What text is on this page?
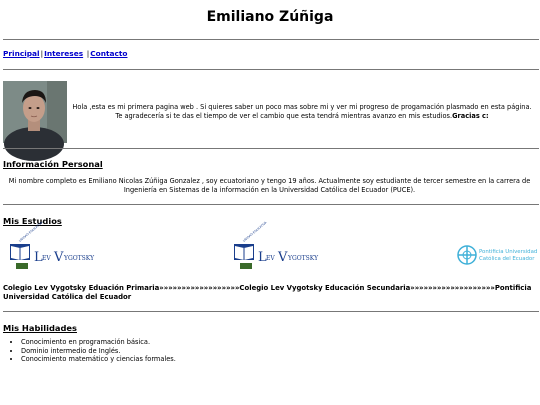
Emiliano Zúñiga
Principal|Intereses |Contacto

Hola ,esta es mi primera pagina web . Si quieres saber un poco mas sobre mi y ver mi progreso de progamación plasmado en esta página. Te agradecería si te das el tiempo de ver el cambio que esta tendrá mientras avanzo en mis estudios.Gracias c:

Información Personal

Mi nombre completo es Emiliano Nicolas Zúñiga Gonzalez , soy ecuatoriano y tengo 19 años. Actualmente soy estudiante de tercer semestre en la carrera de Ingeniería en Sistemas de la información en la Universidad Católica del Ecuador (PUCE).

Mis Estudios
UNIDAD EDUCATIVA
L EV V YGOTSKY
UNIDAD EDUCATIVA
L EV V YGOTSKY
Pontificia Universidad
Católica del Ecuador
Colegio Lev Vygotsky Eduación Primaria»»»»»»»»»»»»»»»»»»Colegio Lev Vygotsky Educación Secundaria»»»»»»»»»»»»»»»»»»»Pontificia Universidad Católica del Ecuador
Mis Habilidades
• Conocimiento en programación básica.
• Dominio intermedio de Inglés.
• Conocimiento matemático y ciencias formales.
